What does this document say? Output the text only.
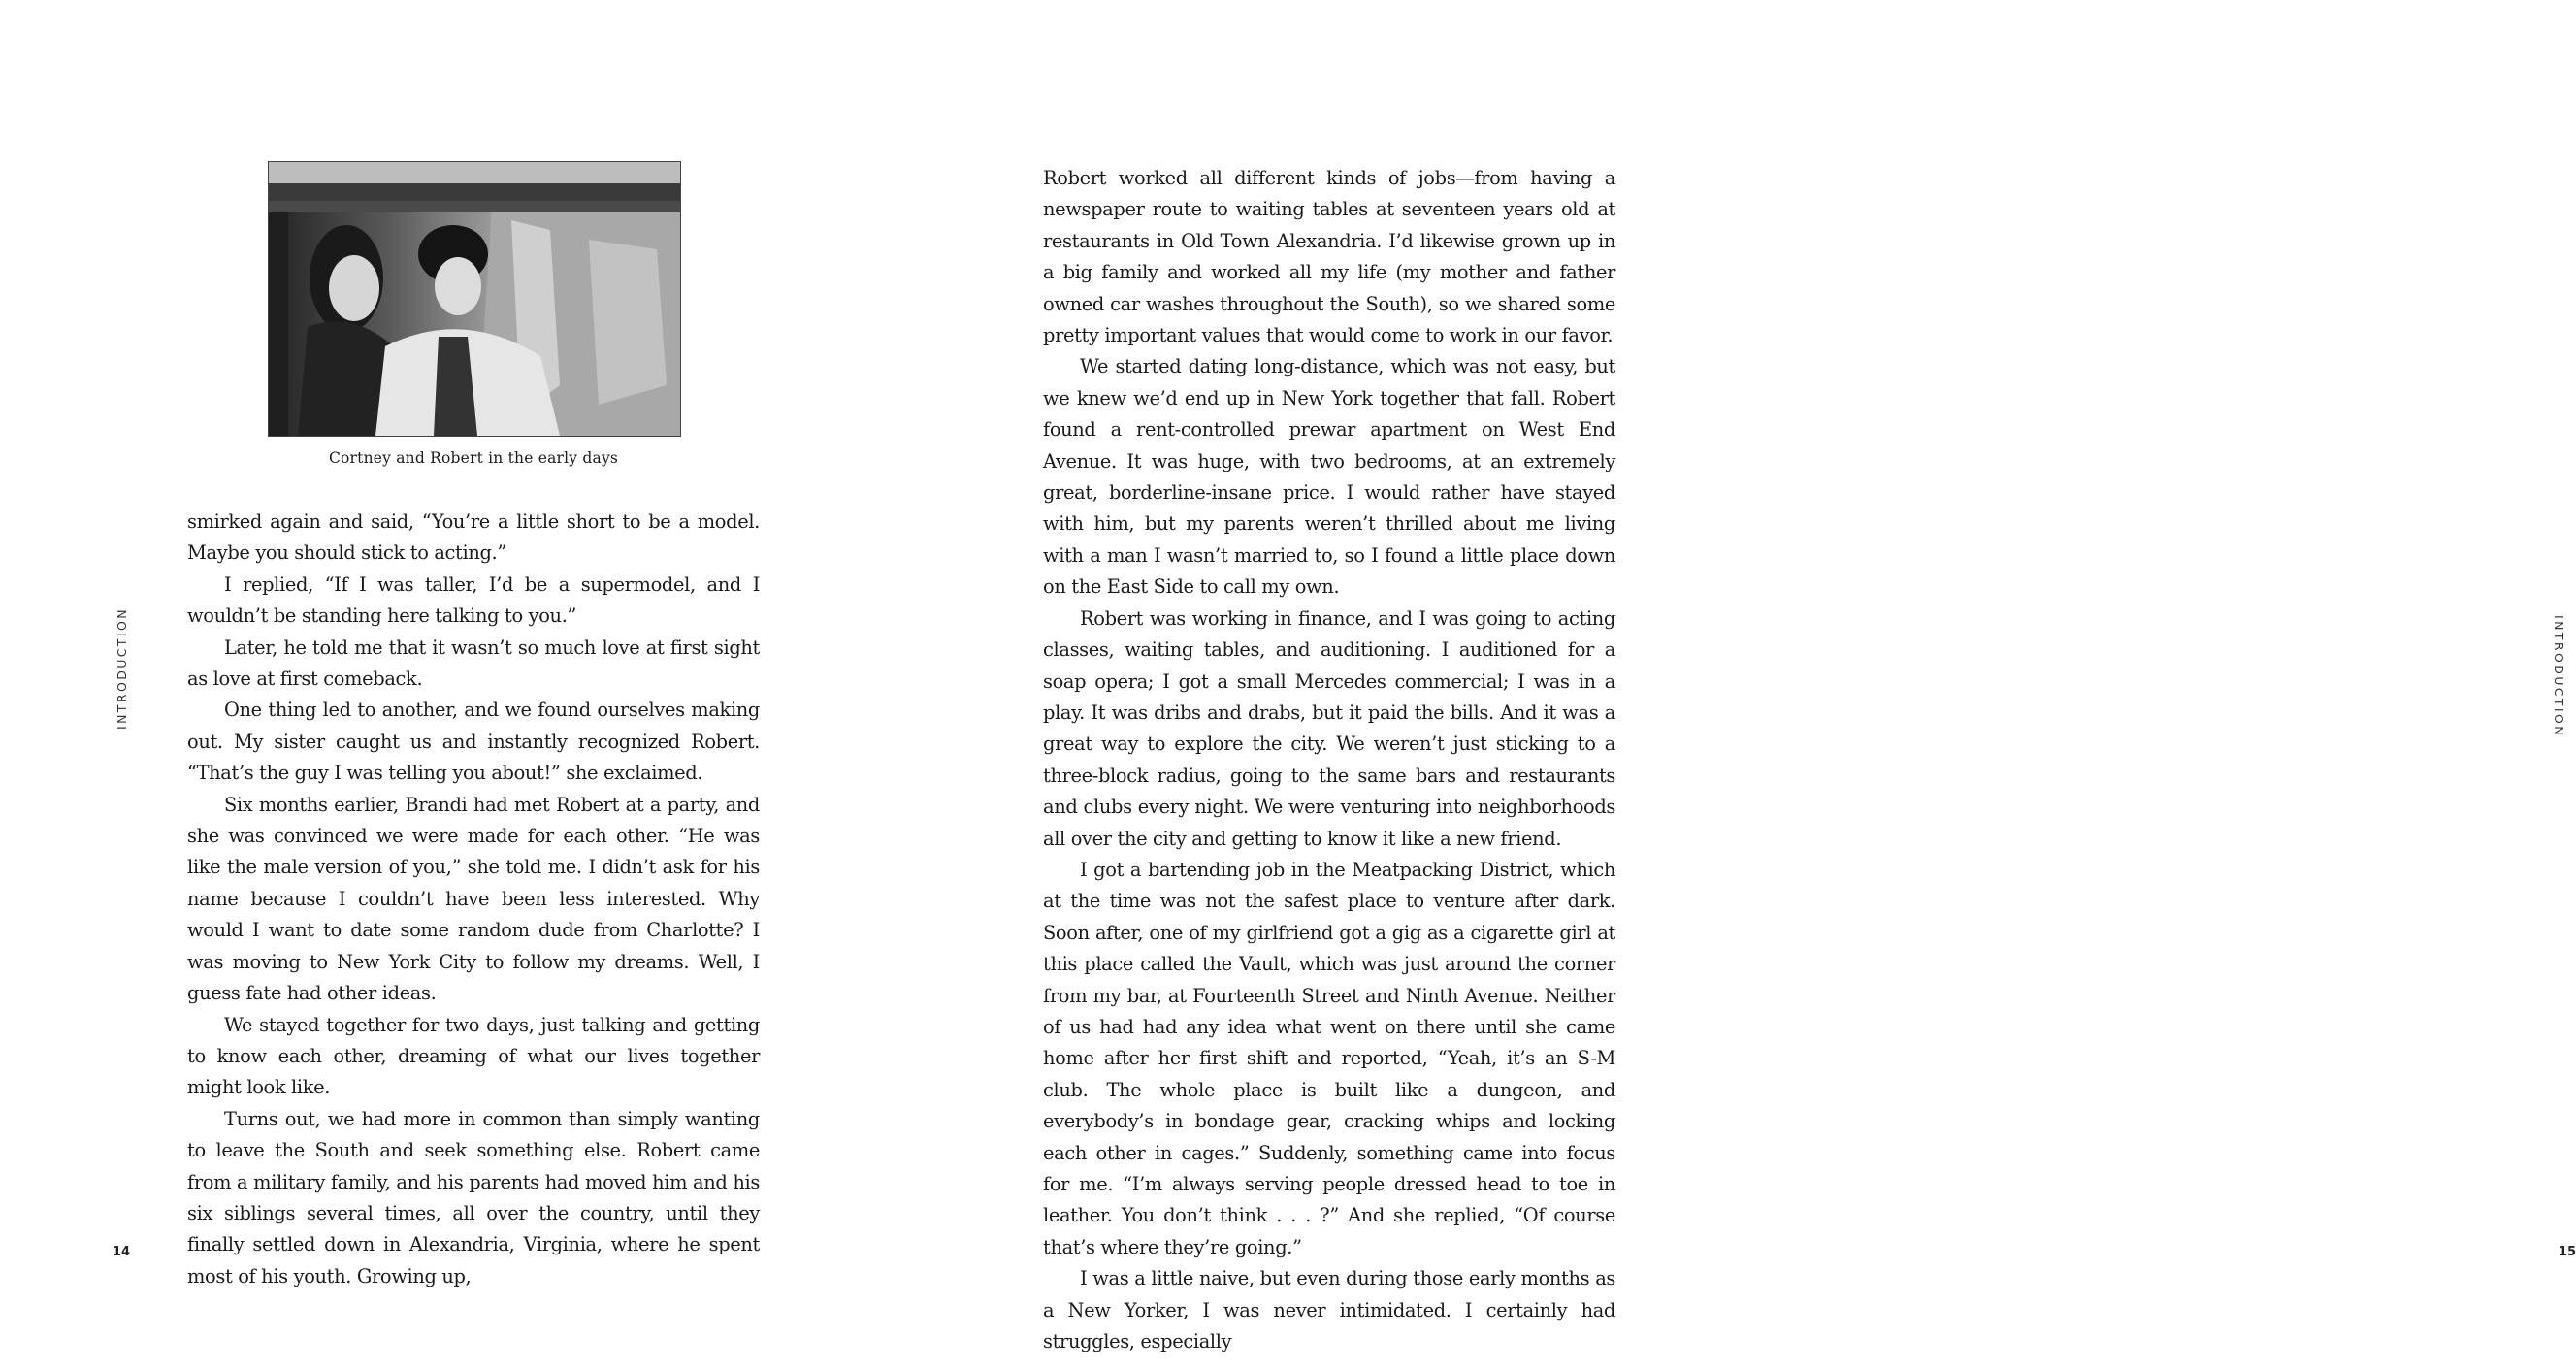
Cortney and Robert in the early days

smirked again and said, “You’re a little short to be a model. Maybe you should stick to acting.”

I replied, “If I was taller, I’d be a supermodel, and I wouldn’t be standing here talking to you.”

Later, he told me that it wasn’t so much love at first sight as love at first comeback.

One thing led to another, and we found ourselves making out. My sister caught us and instantly recognized Robert. “That’s the guy I was telling you about!” she exclaimed.

Six months earlier, Brandi had met Robert at a party, and she was convinced we were made for each other. “He was like the male version of you,” she told me. I didn’t ask for his name because I couldn’t have been less interested. Why would I want to date some random dude from Charlotte? I was moving to New York City to follow my dreams. Well, I guess fate had other ideas.

We stayed together for two days, just talking and getting to know each other, dreaming of what our lives together might look like.

Turns out, we had more in common than simply wanting to leave the South and seek something else. Robert came from a military family, and his parents had moved him and his six siblings several times, all over the country, until they finally settled down in Alexandria, Virginia, where he spent most of his youth. Growing up,

INTRODUCTION
14

Robert worked all different kinds of jobs—from having a newspaper route to waiting tables at seventeen years old at restaurants in Old Town Alexandria. I’d likewise grown up in a big family and worked all my life (my mother and father owned car washes throughout the South), so we shared some pretty important values that would come to work in our favor.

We started dating long-distance, which was not easy, but we knew we’d end up in New York together that fall. Robert found a rent-controlled prewar apartment on West End Avenue. It was huge, with two bedrooms, at an extremely great, borderline-insane price. I would rather have stayed with him, but my parents weren’t thrilled about me living with a man I wasn’t married to, so I found a little place down on the East Side to call my own.

Robert was working in finance, and I was going to acting classes, waiting tables, and auditioning. I auditioned for a soap opera; I got a small Mercedes commercial; I was in a play. It was dribs and drabs, but it paid the bills. And it was a great way to explore the city. We weren’t just sticking to a three-block radius, going to the same bars and restaurants and clubs every night. We were venturing into neighborhoods all over the city and getting to know it like a new friend.

I got a bartending job in the Meatpacking District, which at the time was not the safest place to venture after dark. Soon after, one of my girlfriend got a gig as a cigarette girl at this place called the Vault, which was just around the corner from my bar, at Fourteenth Street and Ninth Avenue. Neither of us had had any idea what went on there until she came home after her first shift and reported, “Yeah, it’s an S-M club. The whole place is built like a dungeon, and everybody’s in bondage gear, cracking whips and locking each other in cages.” Suddenly, something came into focus for me. “I’m always serving people dressed head to toe in leather. You don’t think . . . ?” And she replied, “Of course that’s where they’re going.”

I was a little naive, but even during those early months as a New Yorker, I was never intimidated. I certainly had struggles, especially

INTRODUCTION
15
